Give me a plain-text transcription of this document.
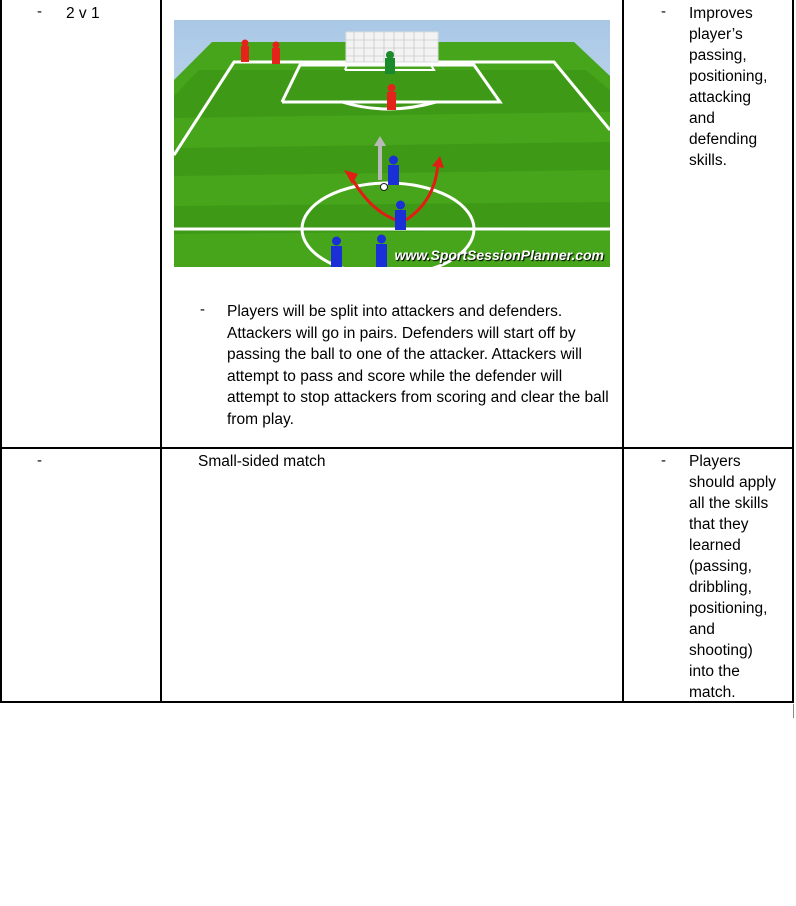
- 2 v 1
www.SportSessionPlanner.com
- Players will be split into attackers and defenders. Attackers will go in pairs. Defenders will start off by passing the ball to one of the attacker. Attackers will attempt to pass and score while the defender will attempt to stop attackers from scoring and clear the ball from play.
- Improves
player’s
passing,
positioning,
attacking
and
defending
skills.
-	Small-sided match	- Players
should apply
all the skills
that they
learned
(passing,
dribbling,
positioning,
and
shooting)
into the
match.
